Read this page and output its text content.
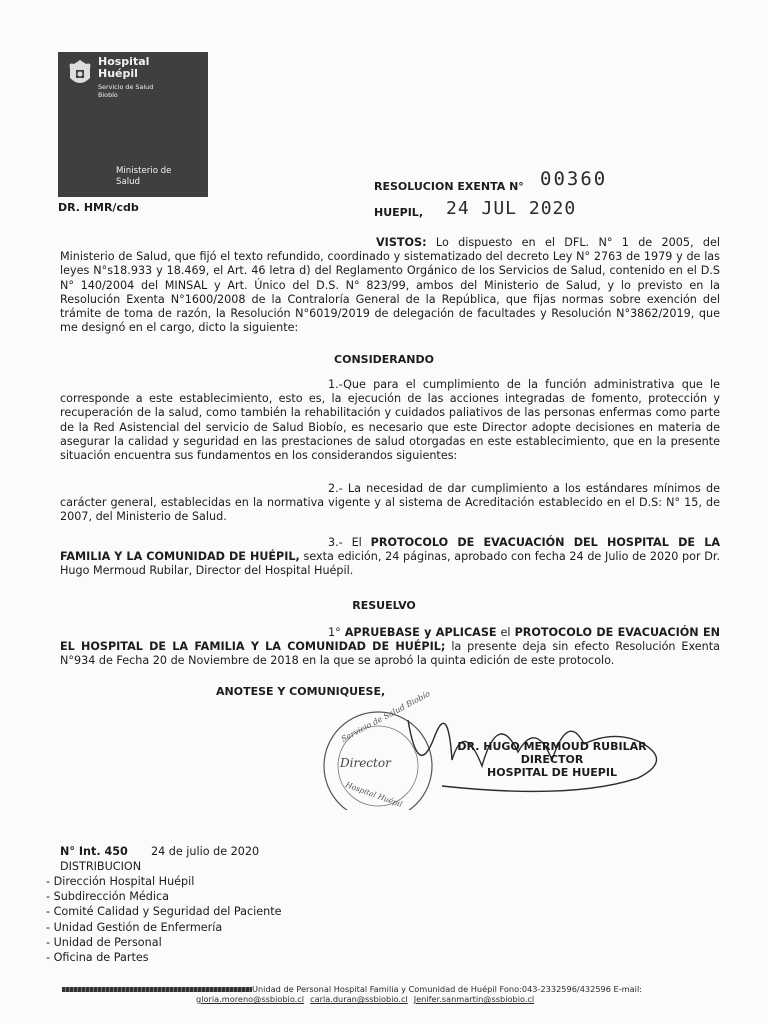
Hospital
Huépil
Servicio de Salud
Biobío
Ministerio de
Salud
DR. HMR/cdb
RESOLUCION EXENTA N° 00360
HUEPIL, 24 JUL 2020
VISTOS: Lo dispuesto en el DFL. N° 1 de 2005, del Ministerio de Salud, que fijó el texto refundido, coordinado y sistematizado del decreto Ley N° 2763 de 1979 y de las leyes N°s18.933 y 18.469, el Art. 46 letra d) del Reglamento Orgánico de los Servicios de Salud, contenido en el D.S N° 140/2004 del MINSAL y Art. Único del D.S. N° 823/99, ambos del Ministerio de Salud, y lo previsto en la Resolución Exenta N°1600/2008 de la Contraloría General de la República, que fijas normas sobre exención del trámite de toma de razón, la Resolución N°6019/2019 de delegación de facultades y Resolución N°3862/2019, que me designó en el cargo, dicto la siguiente:
CONSIDERANDO
1.-Que para el cumplimiento de la función administrativa que le corresponde a este establecimiento, esto es, la ejecución de las acciones integradas de fomento, protección y recuperación de la salud, como también la rehabilitación y cuidados paliativos de las personas enfermas como parte de la Red Asistencial del servicio de Salud Biobío, es necesario que este Director adopte decisiones en materia de asegurar la calidad y seguridad en las prestaciones de salud otorgadas en este establecimiento, que en la presente situación encuentra sus fundamentos en los considerandos siguientes:
2.- La necesidad de dar cumplimiento a los estándares mínimos de carácter general, establecidas en la normativa vigente y al sistema de Acreditación establecido en el D.S: N° 15, de 2007, del Ministerio de Salud.
3.- El PROTOCOLO DE EVACUACIÓN DEL HOSPITAL DE LA FAMILIA Y LA COMUNIDAD DE HUÉPIL, sexta edición, 24 páginas, aprobado con fecha 24 de Julio de 2020 por Dr. Hugo Mermoud Rubilar, Director del Hospital Huépil.
RESUELVO
1° APRUEBASE y APLICASE el PROTOCOLO DE EVACUACIÓN EN EL HOSPITAL DE LA FAMILIA Y LA COMUNIDAD DE HUÉPIL; la presente deja sin efecto Resolución Exenta N°934 de Fecha 20 de Noviembre de 2018 en la que se aprobó la quinta edición de este protocolo.
ANOTESE Y COMUNIQUESE,
Director
Servicio de Salud Biobío
Hospital Huépil
DR. HUGO MERMOUD RUBILAR
DIRECTOR
HOSPITAL DE HUEPIL
N° Int. 450 24 de julio de 2020
DISTRIBUCION
- Dirección Hospital Huépil
- Subdirección Médica
- Comité Calidad y Seguridad del Paciente
- Unidad Gestión de Enfermería
- Unidad de Personal
- Oficina de Partes
Unidad de Personal Hospital Familia y Comunidad de Huépil Fono:043-2332596/432596 E-mail:
gloria.moreno@ssbiobio.cl carla.duran@ssbiobio.cl Jenifer.sanmartin@ssbiobio.cl
